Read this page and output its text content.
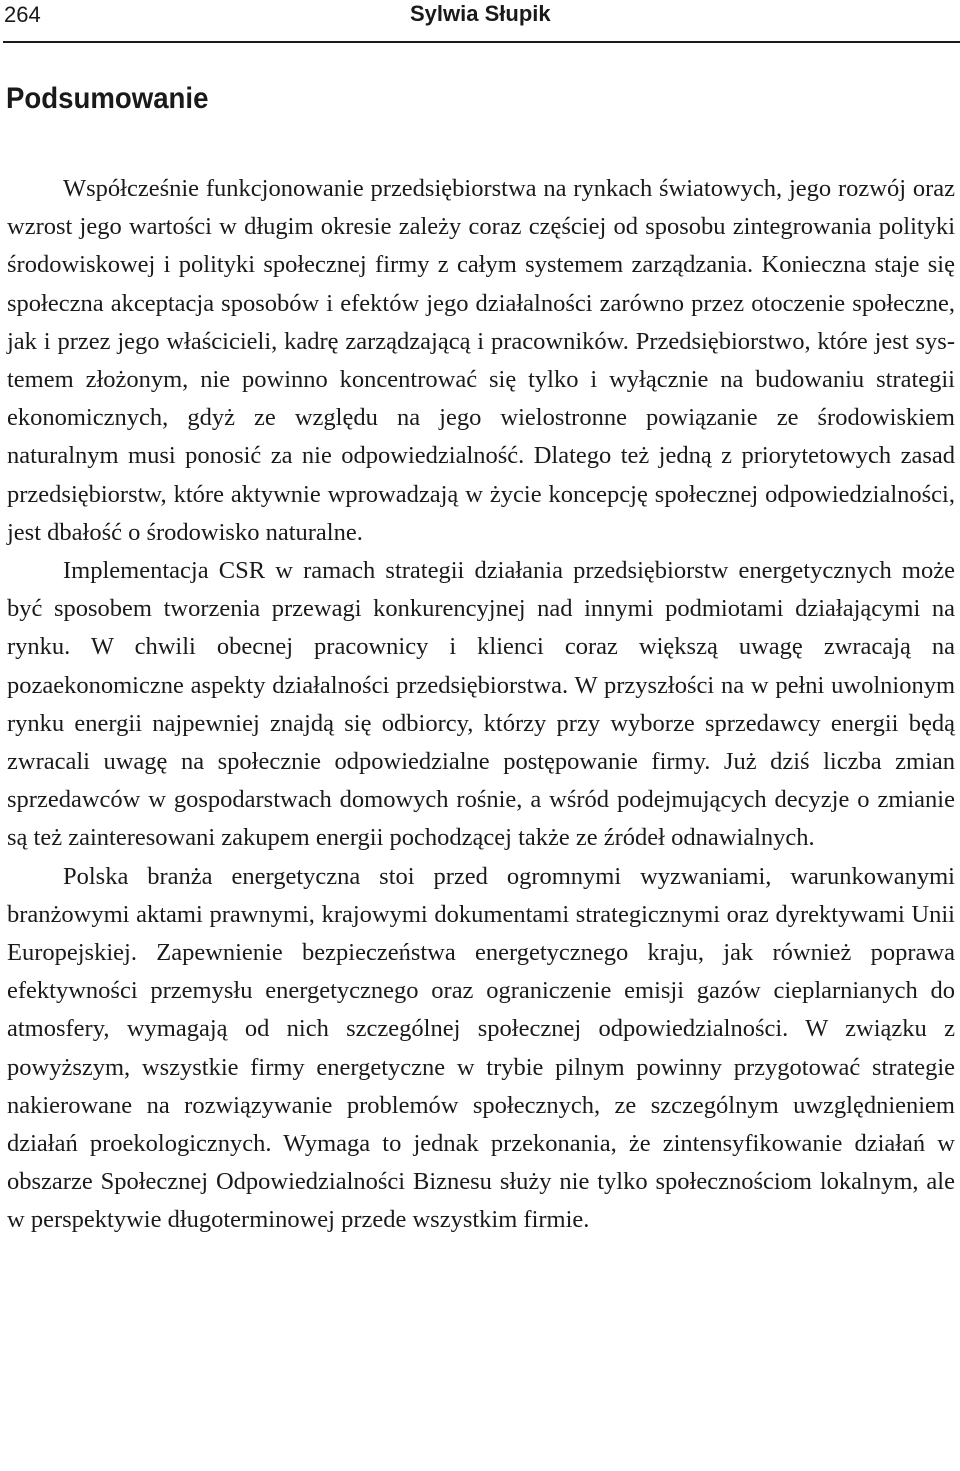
264	Sylwia Słupik
Podsumowanie

Współcześnie funkcjonowanie przedsiębiorstwa na rynkach światowych, jego rozwój oraz wzrost jego wartości w długim okresie zależy coraz częściej od sposobu zintegrowania polityki środowiskowej i polityki społecznej firmy z całym systemem zarządzania. Konieczna staje się społeczna akceptacja sposobów i efektów jego działalności zarówno przez otoczenie społeczne, jak i przez jego właścicieli, kadrę zarządzającą i pracowników. Przedsiębiorstwo, które jest systemem złożonym, nie powinno koncentrować się tylko i wyłącznie na budowaniu strategii ekonomicznych, gdyż ze względu na jego wielostronne powiązanie ze środowiskiem naturalnym musi ponosić za nie odpowiedzialność. Dlatego też jedną z priorytetowych zasad przedsiębiorstw, które aktywnie wprowadzają w życie koncepcję społecznej odpowiedzialności, jest dbałość o środowisko naturalne.

Implementacja CSR w ramach strategii działania przedsiębiorstw energetycznych może być sposobem tworzenia przewagi konkurencyjnej nad innymi podmiotami działającymi na rynku. W chwili obecnej pracownicy i klienci coraz większą uwagę zwracają na pozaekonomiczne aspekty działalności przedsiębiorstwa. W przyszłości na w pełni uwolnionym rynku energii najpewniej znajdą się odbiorcy, którzy przy wyborze sprzedawcy energii będą zwracali uwagę na społecznie odpowiedzialne postępowanie firmy. Już dziś liczba zmian sprzedawców w gospodarstwach domowych rośnie, a wśród podejmujących decyzje o zmianie są też zainteresowani zakupem energii pochodzącej także ze źródeł odnawialnych.

Polska branża energetyczna stoi przed ogromnymi wyzwaniami, warunkowanymi branżowymi aktami prawnymi, krajowymi dokumentami strategicznymi oraz dyrektywami Unii Europejskiej. Zapewnienie bezpieczeństwa energetycznego kraju, jak również poprawa efektywności przemysłu energetycznego oraz ograniczenie emisji gazów cieplarnianych do atmosfery, wymagają od nich szczególnej społecznej odpowiedzialności. W związku z powyższym, wszystkie firmy energetyczne w trybie pilnym powinny przygotować strategie nakierowane na rozwiązywanie problemów społecznych, ze szczególnym uwzględnieniem działań proekologicznych. Wymaga to jednak przekonania, że zintensyfikowanie działań w obszarze Społecznej Odpowiedzialności Biznesu służy nie tylko społecznościom lokalnym, ale w perspektywie długoterminowej przede wszystkim firmie.
